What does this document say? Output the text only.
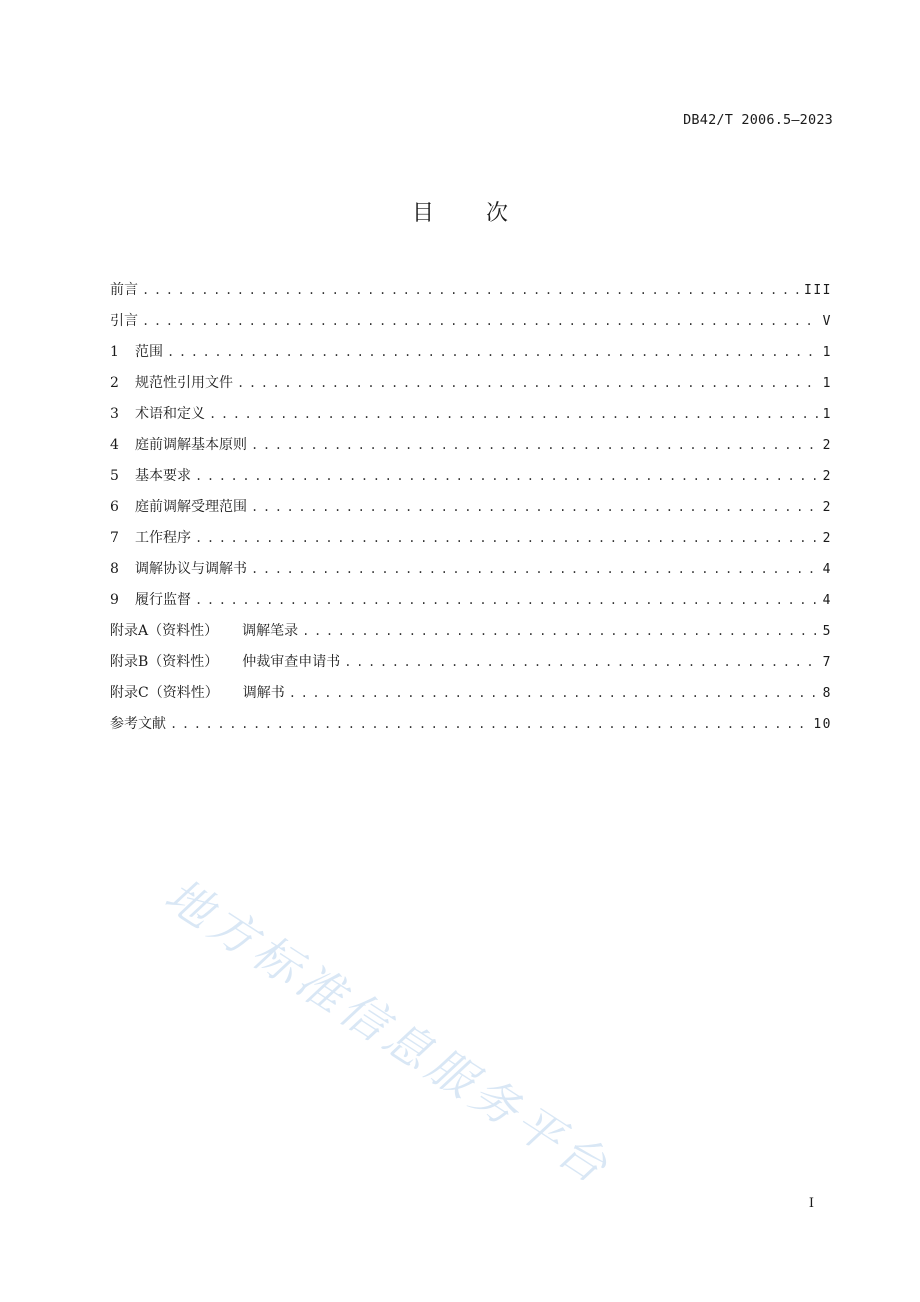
DB42/T 2006.5—2023
目 次
前言 . . .	III
引言 . . .	V
1 范围 . . .	1
2 规范性引用文件 . . .	1
3 术语和定义 . . .	1
4 庭前调解基本原则 . . .	2
5 基本要求 . . .	2
6 庭前调解受理范围 . . .	2
7 工作程序 . . .	2
8 调解协议与调解书 . . .	4
9 履行监督 . . .	4
附录A（资料性） 调解笔录 . . .	5
附录B（资料性） 仲裁审查申请书 . . .	7
附录C（资料性） 调解书 . . .	8
参考文献 . . .	10
地方标准信息服务平台
I
